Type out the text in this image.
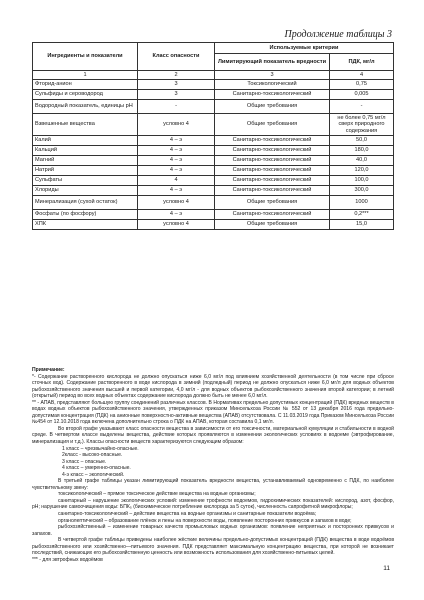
Продолжение таблицы 3
Ингредиенты и показатели	Класс опасности	Используемые критерии	
		Лимитирующий показатель вредности	ПДК, мг/л
1	2	3	4
Фторид-анион	3	Токсикологический	0,75
Сульфиды и сероводород	3	Санитарно-токсикологический	0,005
Водородный показатель, единицы pH	-	Общие требования	-
Взвешенные вещества	условно 4	Общие требования	не более 0,75 мг/л сверх природного содержания
Калий	4 – э	Санитарно-токсикологический	50,0
Кальций	4 – э	Санитарно-токсикологический	180,0
Магний	4 – э	Санитарно-токсикологический	40,0
Натрий	4 – э	Санитарно-токсикологический	120,0
Сульфаты	4	Санитарно-токсикологический	100,0
Хлориды	4 – э	Санитарно-токсикологический	300,0
Минерализация (сухой остаток)	условно 4	Общие требования	1000
Фосфаты (по фосфору)	4 – э	Санитарно-токсикологический	0,2***
ХПК	условно 4	Общие требования	15,0

Примечание:

*- Содержание растворенного кислорода не должно опускаться ниже 6,0 мг/л под влиянием хозяйственной деятельности (в том числе при сбросе сточных вод). Содержание растворенного в воде кислорода в зимний (подледный) период не должно опускаться ниже 6,0 мг/л для водных объектов рыбохозяйственного значения высшей и первой категории, 4,0 мг/л - для водных объектов рыбохозяйственного значения второй категории; в летний (открытый) период во всех водных объектах содержание кислорода должно быть не менее 6,0 мг/л.

** - АПАВ, представляют большую группу соединений различных классов. В Нормативах предельно допустимых концентраций (ПДК) вредных веществ в водах водных объектов рыбохозяйственного значения, утвержденных приказом Минсельхоза России № 552 от 13 декабря 2016 года предельно-допустимая концентрация (ПДК) на анионные поверхностно-активные вещества (АПАВ) отсутствовала. С 11.03.2019 года Приказом Минсельхоза России №454 от 12.10.2018 года включена дополнительно строка о ПДК на АПАВ, которая составила 0,1 мг/л.

Во второй графе указывают класс опасности вещества в зависимости от его токсичности, материальной кумуляции и стабильности в водной среде. В четвертом классе выделены вещества, действие которых проявляются в изменении экологических условиях в водоеме (эвтрофирование, минерализация и т.д.). Классы опасности веществ характеризуются следующим образом:

1 класс – чрезвычайно-опасные.

2класс - высоко-опасные.

3 класс – опасные.

4 класс – умеренно-опасные.

4-э класс – экологический.

В третьей графе таблицы указан лимитирующий показатель вредности вещества, устанавливаемый одновременно с ПДК, по наиболее чувствительному звену:

токсикологический – прямое токсическое действие вещества на водные организмы;

санитарный – нарушение экологических условий: изменение трофности водоемов, гидрохимических показателей: кислород, азот, фосфор, pH; нарушение самоочищения воды: БПК₅ (биохимическое потребление кислорода за 5 суток), численность сапрофитной микрофлоры;

санитарно-токсикологический – действие вещества на водные организмы и санитарные показатели водоёма;

органолептический – образование плёнок и пены на поверхности воды, появление посторонних привкусов и запахов в воде;

рыбохозяйственный – изменение товарных качеств промысловых водных организмов: появление неприятных и посторонних привкусов и запахов.

В четвертой графе таблицы приведены наиболее жёсткие величины предельно-допустимых концентраций (ПДК) вещества в воде водоёмов рыбохозяйственного или хозяйственно—питьевого значения. ПДК представляет максимальную концентрацию вещества, при которой не возникает последствий, снижающих его рыбохозяйственную ценность или возможность использования для хозяйственно-питьевых целей.

*** - для эвтрофных водоёмов

11
